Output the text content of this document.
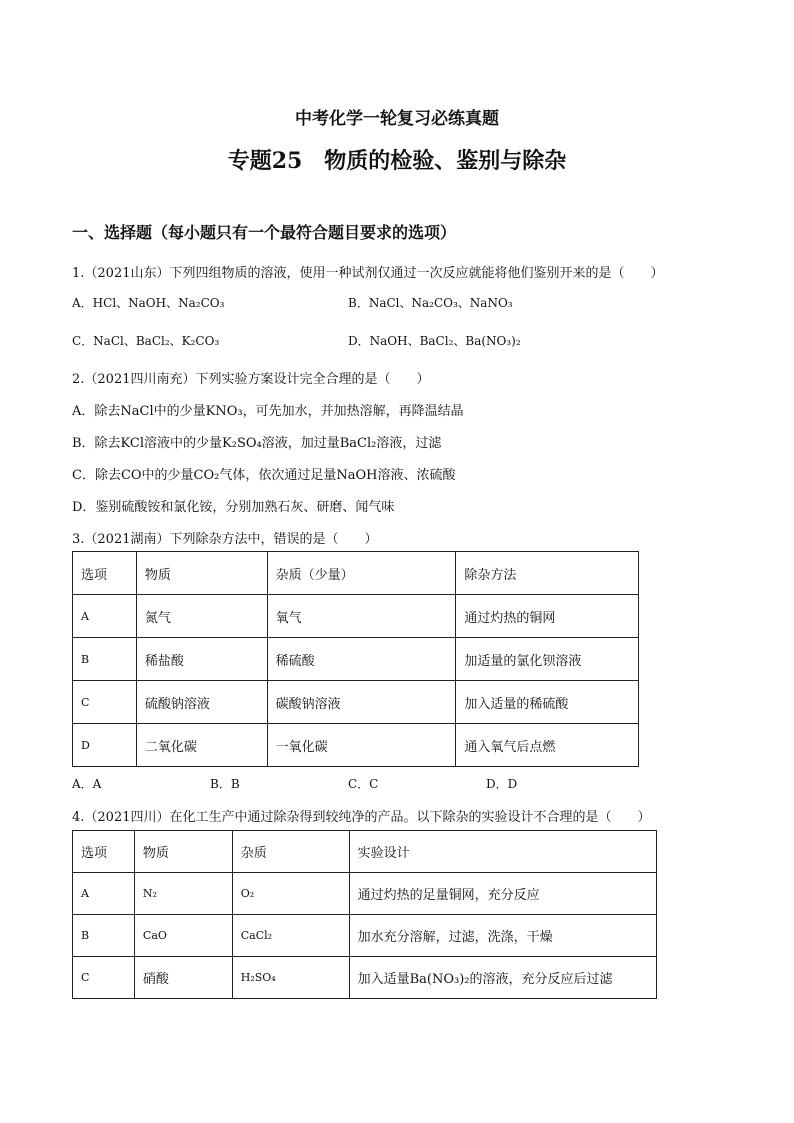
中考化学一轮复习必练真题
专题25　物质的检验、鉴别与除杂
一、选择题（每小题只有一个最符合题目要求的选项）
1.（2021山东）下列四组物质的溶液，使用一种试剂仅通过一次反应就能将他们鉴别开来的是（　　）
A．HCl、NaOH、Na₂CO₃	B．NaCl、Na₂CO₃、NaNO₃
C．NaCl、BaCl₂、K₂CO₃	D．NaOH、BaCl₂、Ba(NO₃)₂
2.（2021四川南充）下列实验方案设计完全合理的是（　　）
A．除去NaCl中的少量KNO₃，可先加水，并加热溶解，再降温结晶
B．除去KCl溶液中的少量K₂SO₄溶液，加过量BaCl₂溶液，过滤
C．除去CO中的少量CO₂气体，依次通过足量NaOH溶液、浓硫酸
D．鉴别硫酸铵和氯化铵，分别加熟石灰、研磨、闻气味
3.（2021湖南）下列除杂方法中，错误的是（　　）
选项	物质	杂质（少量）	除杂方法
A	氮气	氧气	通过灼热的铜网
B	稀盐酸	稀硫酸	加适量的氯化钡溶液
C	硫酸钠溶液	碳酸钠溶液	加入适量的稀硫酸
D	二氧化碳	一氧化碳	通入氧气后点燃
A．A	B．B	C．C	D．D
4.（2021四川）在化工生产中通过除杂得到较纯净的产品。以下除杂的实验设计不合理的是（　　）
选项	物质	杂质	实验设计
A	N₂	O₂	通过灼热的足量铜网，充分反应
B	CaO	CaCl₂	加水充分溶解，过滤，洗涤，干燥
C	硝酸	H₂SO₄	加入适量Ba(NO₃)₂的溶液，充分反应后过滤
